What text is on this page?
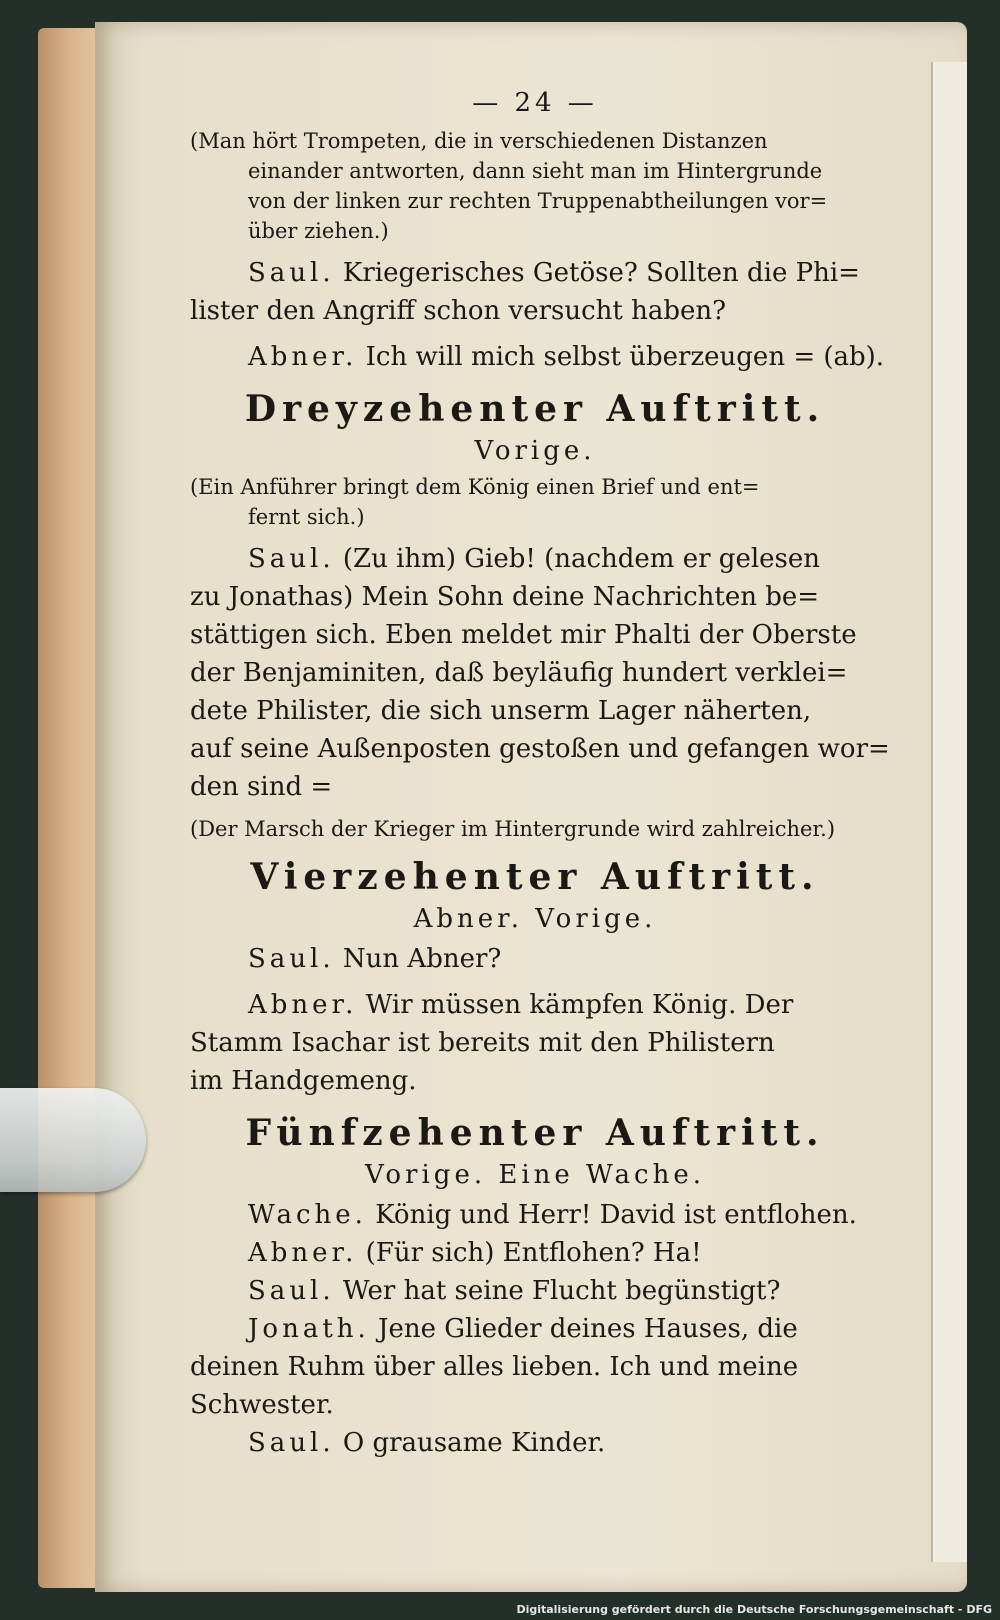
— 24 —

(Man hört Trompeten, die in verschiedenen Distanzen

einander antworten, dann sieht man im Hintergrunde

von der linken zur rechten Truppenabtheilungen vor=

über ziehen.)

Saul. Kriegerisches Getöse? Sollten die Phi=

lister den Angriff schon versucht haben?

Abner. Ich will mich selbst überzeugen = (ab).

Dreyzehenter Auftritt.

Vorige.

(Ein Anführer bringt dem König einen Brief und ent=

fernt sich.)

Saul. (Zu ihm) Gieb! (nachdem er gelesen

zu Jonathas) Mein Sohn deine Nachrichten be=

stättigen sich. Eben meldet mir Phalti der Oberste

der Benjaminiten, daß beyläufig hundert verklei=

dete Philister, die sich unserm Lager näherten,

auf seine Außenposten gestoßen und gefangen wor=

den sind =

(Der Marsch der Krieger im Hintergrunde wird zahlreicher.)

Vierzehenter Auftritt.

Abner. Vorige.

Saul. Nun Abner?

Abner. Wir müssen kämpfen König. Der

Stamm Isachar ist bereits mit den Philistern

im Handgemeng.

Fünfzehenter Auftritt.

Vorige. Eine Wache.

Wache. König und Herr! David ist entflohen.

Abner. (Für sich) Entflohen? Ha!

Saul. Wer hat seine Flucht begünstigt?

Jonath. Jene Glieder deines Hauses, die

deinen Ruhm über alles lieben. Ich und meine

Schwester.

Saul. O grausame Kinder.

Digitalisierung gefördert durch die Deutsche Forschungsgemeinschaft - DFG
